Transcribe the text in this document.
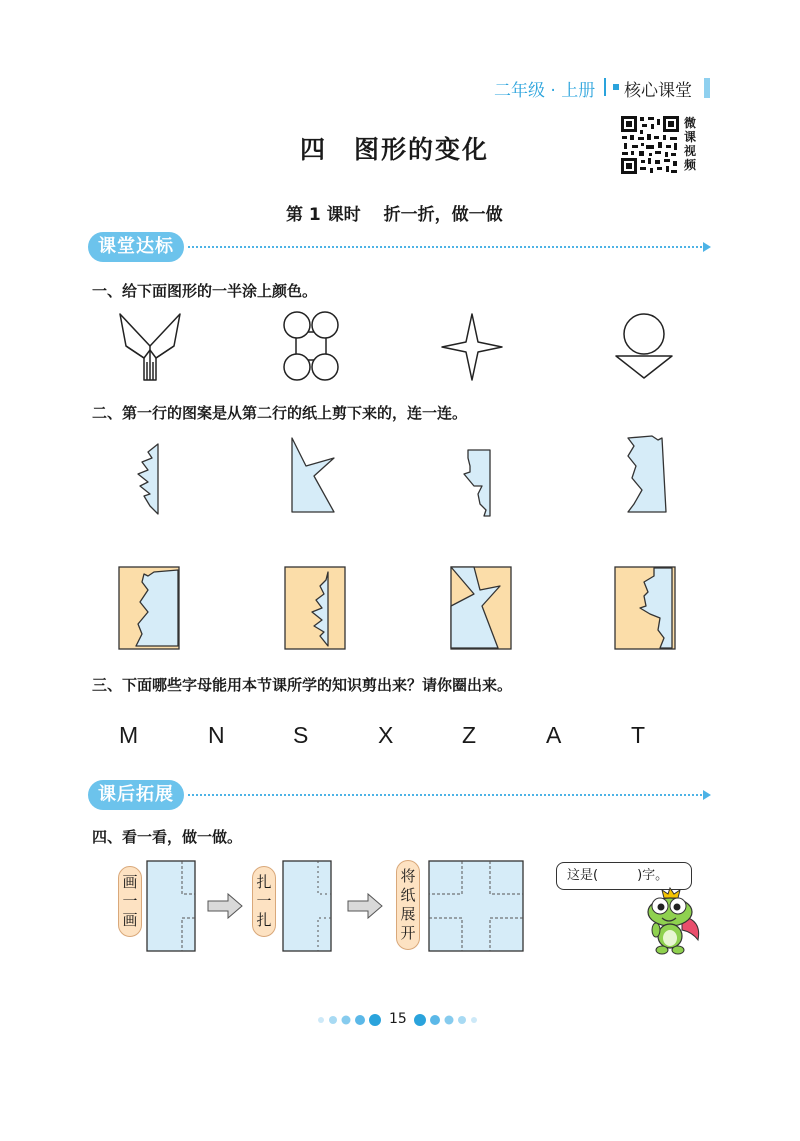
二年级 · 上册 核心课堂
四　图形的变化
微课视频
第 1 课时　 折一折，做一做
课堂达标
一、给下面图形的一半涂上颜色。
二、第一行的图案是从第二行的纸上剪下来的，连一连。
三、下面哪些字母能用本节课所学的知识剪出来？请你圈出来。
M	N	S	X	Z	A	T
课后拓展
四、看一看，做一做。
画一画
扎一扎
将纸展开
这是(　　　)字。
15
